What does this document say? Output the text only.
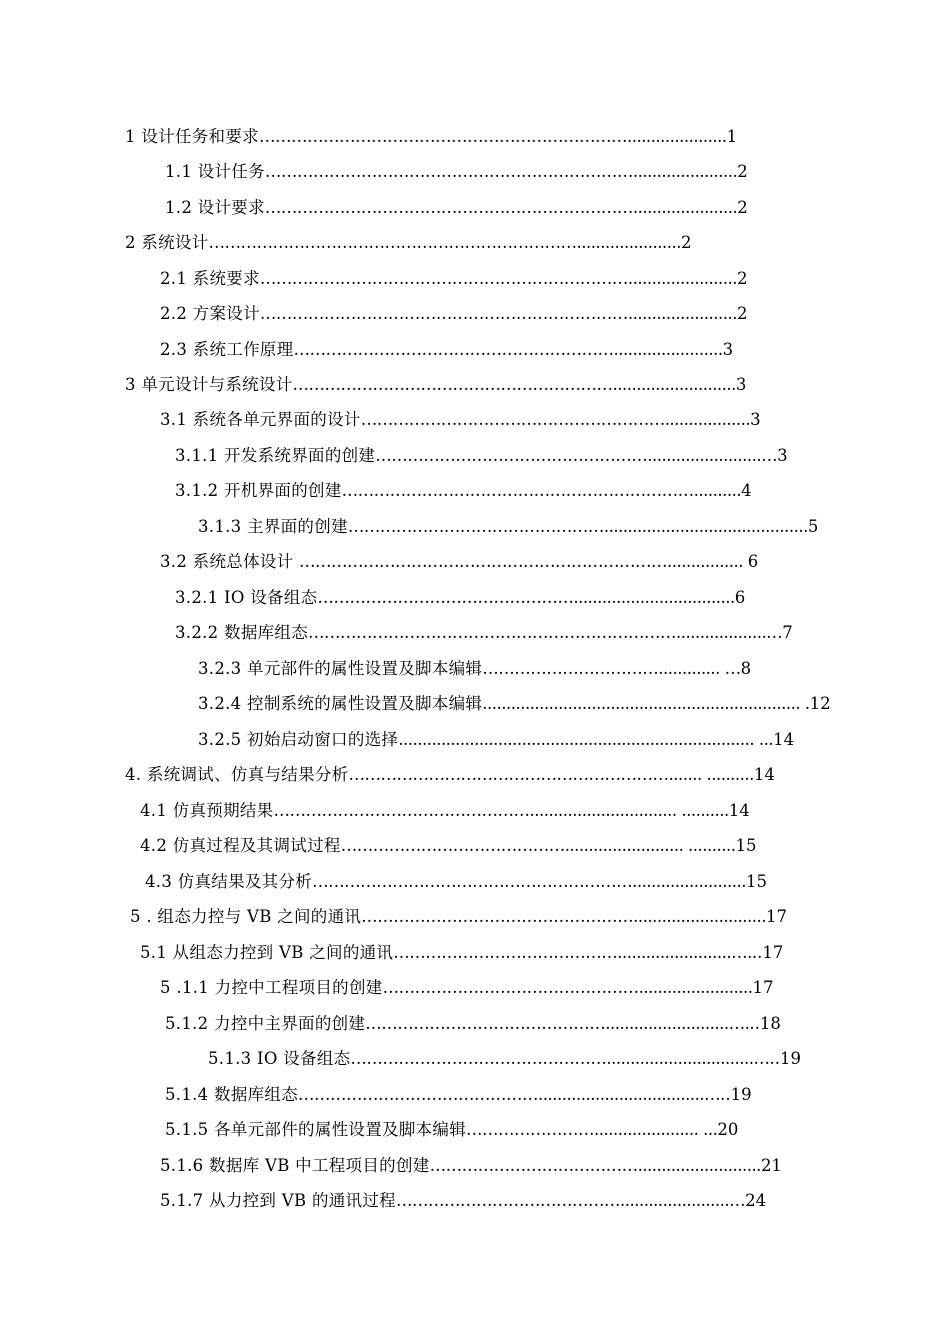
1 设计任务和要求…………………………………………………………….....................1
1.1 设计任务……………………………………………………………......................2
1.2 设计要求……………………………………………………………......................2
2 系统设计……………………………………………………………......................2
2.1 系统要求…………………………………………………………….......................2
2.2 方案设计…………………………………………………………….......................2
2.3 系统工作原理…………………………………………………….......................3
3 单元设计与系统设计……………………………………………………..........................3
3.1 系统各单元界面的设计…………………………………………………..................3
3.1.1 开发系统界面的创建……………………………………………........................…3
3.1.2 开机界面的创建…………………………………………………………..........4
3.1.3 主界面的创建…………………………………………...........................................5
3.2 系统总体设计 ……………………………………………………………................ 6
3.2.1 IO 设备组态…………………………………………..................................6
3.2.2 数据库组态……………………………………………………………...................…7
3.2.3 单元部件的属性设置及脚本编辑……………………………............. …8
3.2.4 控制系统的属性设置及脚本编辑................................................................... .12
3.2.5 初始启动窗口的选择........................................................................... ...14
4. 系统调试、仿真与结果分析……………………………………………………....... ..........14
4.1 仿真预期结果…………………………………………............................... ..........14
4.2 仿真过程及其调试过程……………………………………......................... ..........15
4.3 仿真结果及其分析……………………………………………………........................15
5 . 组态力控与 VB 之间的通讯……………………………………………............................17
5.1 从组态力控到 VB 之间的通讯……………………………………........................…...17
5 .1.1 力控中工程项目的创建…………………………………………........................17
5.1.2 力控中主界面的创建………………………………………..........................…...18
5.1.3 IO 设备组态…………………………………………...............................…..19
5.1.4 数据库组态………………………………………...................................…..19
5.1.5 各单元部件的属性设置及脚本编辑……………………...................... ...20
5.1.6 数据库 VB 中工程项目的创建…………………………………..........................21
5.1.7 从力控到 VB 的通讯过程…………………………………….......................…24
